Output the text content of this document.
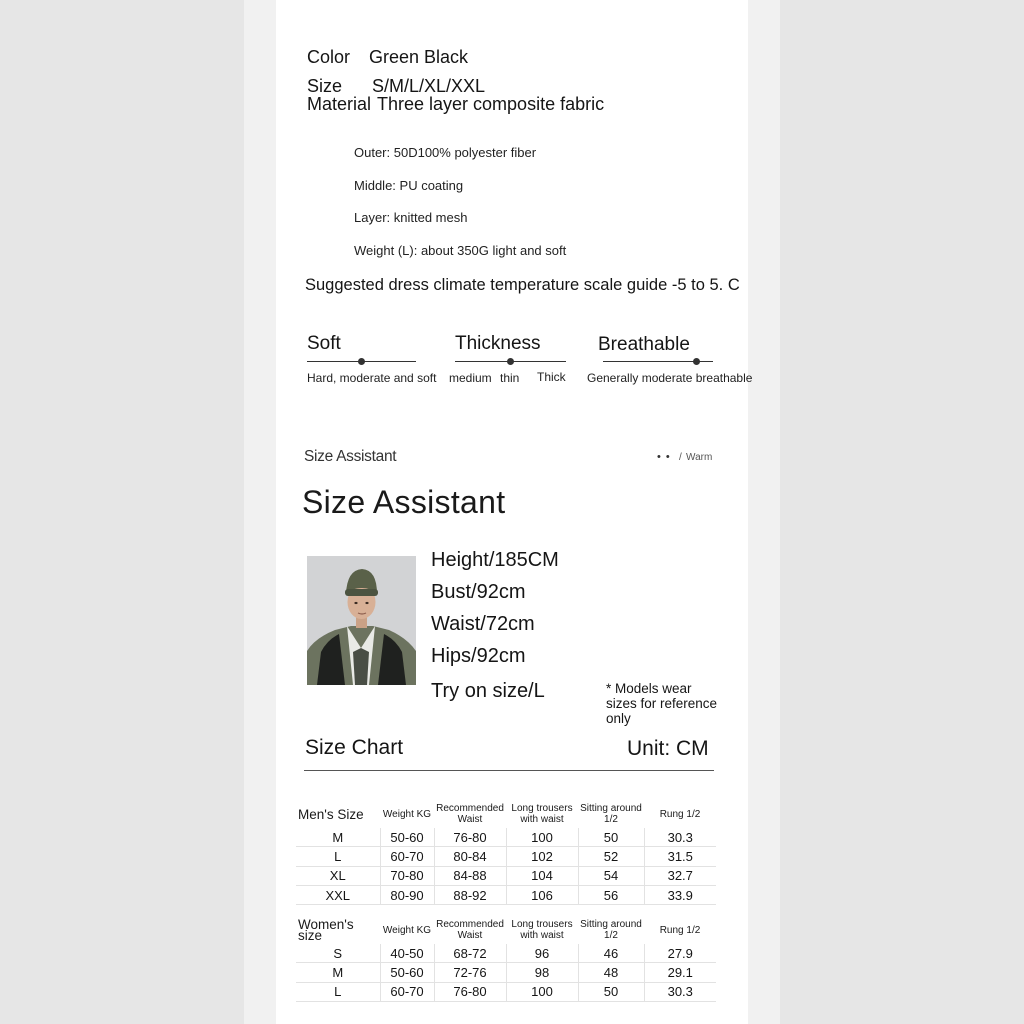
Color Green Black
Size S/M/L/XL/XXL
Material Three layer composite fabric
Outer: 50D100% polyester fiber
Middle: PU coating
Layer: knitted mesh
Weight (L): about 350G light and soft
Suggested dress climate temperature scale guide -5 to 5. C
Soft
Hard, moderate and soft
Thickness
medium thin Thick
Breathable
Generally moderate breathable
Size Assistant	• • / Warm
Size Assistant
Height/185CM
Bust/92cm
Waist/72cm
Hips/92cm
Try on size/L	* Models wear sizes for reference only
Size Chart	Unit: CM
Men's Size	Weight KG	Recommended Waist	Long trousers with waist	Sitting around 1/2	Rung 1/2
M	50-60	76-80	100	50	30.3
L	60-70	80-84	102	52	31.5
XL	70-80	84-88	104	54	32.7
XXL	80-90	88-92	106	56	33.9
Women's size	Weight KG	Recommended Waist	Long trousers with waist	Sitting around 1/2	Rung 1/2
S	40-50	68-72	96	46	27.9
M	50-60	72-76	98	48	29.1
L	60-70	76-80	100	50	30.3
